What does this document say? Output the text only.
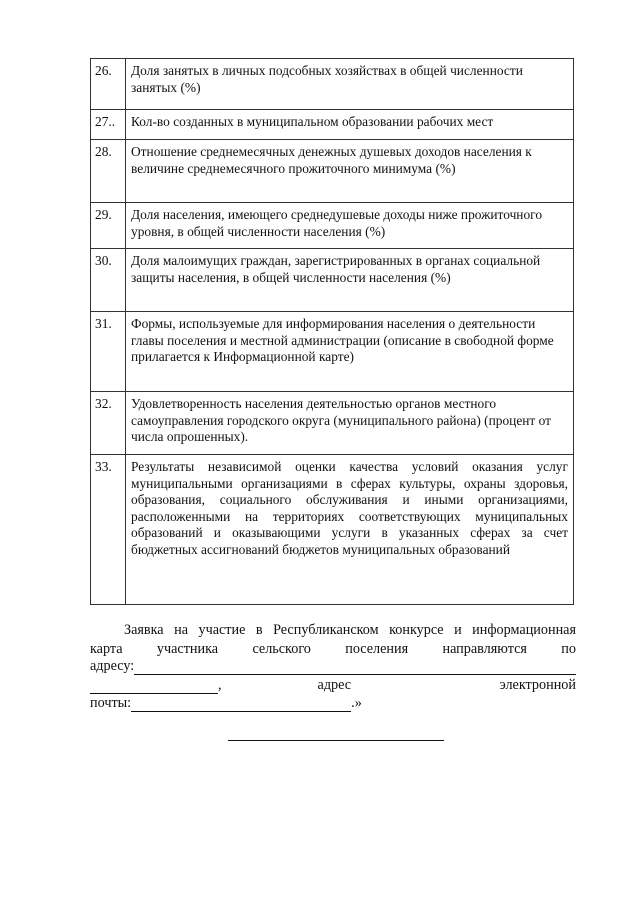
26.	Доля занятых в личных подсобных хозяйствах в общей численности занятых (%)
27..	Кол-во созданных в муниципальном образовании рабочих мест
28.	Отношение среднемесячных денежных душевых доходов населения к величине среднемесячного прожиточного минимума (%)
29.	Доля населения, имеющего среднедушевые доходы ниже прожиточного уровня, в общей численности населения (%)
30.	Доля малоимущих граждан, зарегистрированных в органах социальной защиты населения, в общей численности населения (%)
31.	Формы, используемые для информирования населения о деятельности главы поселения и местной администрации (описание в свободной форме прилагается к Информационной карте)
32.	Удовлетворенность населения деятельностью органов местного самоуправления городского округа (муниципального района) (процент от числа опрошенных).
33.	Результаты независимой оценки качества условий оказания услуг муниципальными организациями в сферах культуры, охраны здоровья, образования, социального обслуживания и иными организациями, расположенными на территориях соответствующих муниципальных образований и оказывающими услуги в указанных сферах за счет бюджетных ассигнований бюджетов муниципальных образований
Заявка на участие в Республиканском конкурсе и информационная
карта участника сельского поселения направляются по
адресу:
,	адрес	электронной
почты:	.»
